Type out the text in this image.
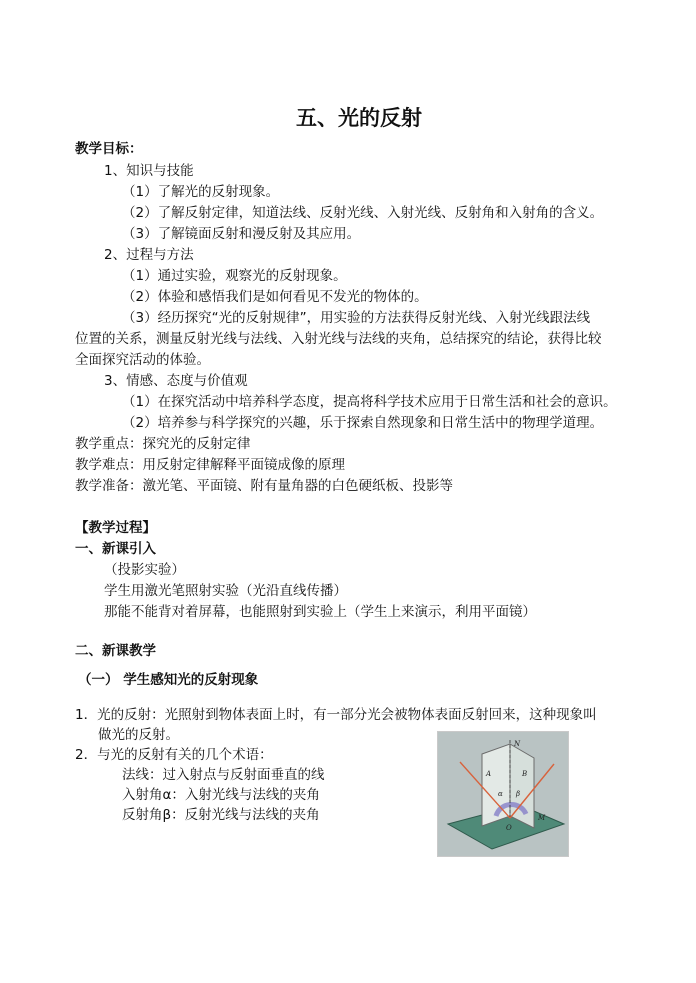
五、光的反射
教学目标：
1、知识与技能
（1）了解光的反射现象。
（2）了解反射定律，知道法线、反射光线、入射光线、反射角和入射角的含义。
（3）了解镜面反射和漫反射及其应用。
2、过程与方法
（1）通过实验，观察光的反射现象。
（2）体验和感悟我们是如何看见不发光的物体的。
（3）经历探究“光的反射规律”，用实验的方法获得反射光线、入射光线跟法线
位置的关系，测量反射光线与法线、入射光线与法线的夹角，总结探究的结论，获得比较
全面探究活动的体验。
3、情感、态度与价值观
（1）在探究活动中培养科学态度，提高将科学技术应用于日常生活和社会的意识。
（2）培养参与科学探究的兴趣，乐于探索自然现象和日常生活中的物理学道理。
教学重点：探究光的反射定律
教学难点：用反射定律解释平面镜成像的原理
教学准备：激光笔、平面镜、附有量角器的白色硬纸板、投影等
【教学过程】
一、新课引入
（投影实验）
学生用激光笔照射实验（光沿直线传播）
那能不能背对着屏幕，也能照射到实验上（学生上来演示，利用平面镜）
二、新课教学
（一） 学生感知光的反射现象
1．光的反射：光照射到物体表面上时，有一部分光会被物体表面反射回来，这种现象叫
做光的反射。
2．与光的反射有关的几个术语：
法线：过入射点与反射面垂直的线
入射角α：入射光线与法线的夹角
反射角β：反射光线与法线的夹角
N
A	B
α β
O
M
